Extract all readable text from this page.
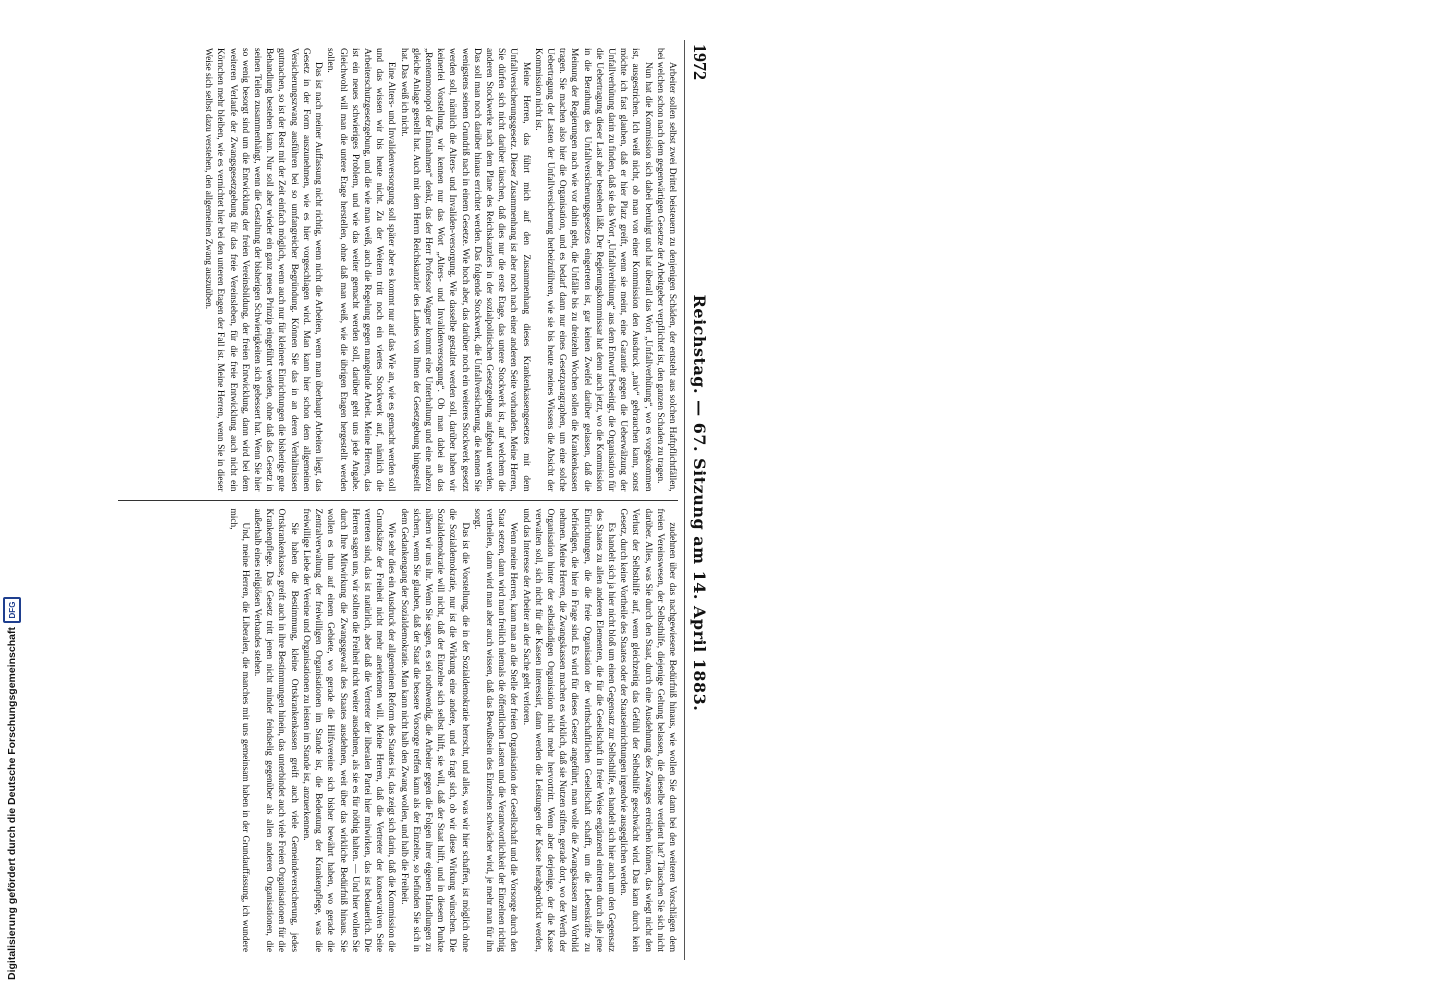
1972
Reichstag. — 67. Sitzung am 14. April 1883.

Arbeiter sollen selbst zwei Drittel beisteuern zu denjenigen Schäden, der entsteht aus solchen Haftpflichtfällen, bei welchen schon nach dem gegenwärtigen Gesetze der Arbeitgeber verpflichtet ist, den ganzen Schaden zu tragen.

Nun hat die Kommission sich dabei beruhigt und hat überall das Wort „Unfallverhütung“, wo es vorgekommen ist, ausgestrichen. Ich weiß nicht, ob man von einer Kommission den Ausdruck „naiv“ gebrauchen kann, sonst möchte ich fast glauben, daß er hier Platz greift, wenn sie meint, eine Garantie gegen die Ueberwälzung der Unfallverhütung darin zu finden, daß sie das Wort „Unfallverhütung“ aus dem Entwurf beseitigt, die Organisation für die Uebertragung dieser Last aber bestehen läßt. Der Regierungskommissar hat denn auch jetzt, wo die Kommission in die Berathung des Unfallversicherungsgesetzes eingetreten ist, gar keinen Zweifel darüber gelassen, daß die Meinung der Regierungen nach wie vor dahin geht, die Unfälle bis zu dreizehn Wochen sollen die Krankenkassen tragen. Sie machen also hier die Organisation, und es bedarf dann nur eines Gesetzparagraphen, um eine solche Uebertragung der Lasten der Unfallversicherung herbeizuführen, wie sie bis heute meines Wissens die Absicht der Kommission nicht ist.

Meine Herren, das führt mich auf den Zusammenhang dieses Krankenkassengesetzes mit dem Unfallversicherungsgesetz. Dieser Zusammenhang ist aber noch nach einer anderen Seite vorhanden. Meine Herren, Sie dürfen sich nicht darüber täuschen, daß dies nur die erste Etage, das untere Stockwerk ist, auf welchem die anderen Stockwerke nach dem Plane des Reichskanzlers in der sozialpolitischen Gesetzgebung aufgebaut werden. Das soll man noch darüber hinaus errichtet werden. Das folgende Stockwerk, die Unfallversicherung, die kennen Sie wenigstens seinem Grundriß nach in einem Gesetze. Wie hoch aber, das darüber noch ein weiteres Stockwerk gesetzt werden soll, nämlich die Alters- und Invaliden-versorgung. Wie dasselbe gestaltet werden soll, darüber haben wir keinerlei Vorstellung, wir kennen nur das Wort „Alters- und Invalidenversorgung“. Ob man dabei an das „Rentenmonopol der Einnahmen“ denkt, das der Herr Professor Wagner kommt eine Unterhaltung und eine nahezu gleiche Anlage gestellt hat. Auch mit dem Herrn Reichskanzler des Landes von Ihnen der Gesetzgebung hingestellt hat. Das weiß ich nicht.

Eine Alters- und Invalidenversorgung soll später aber es kommt nur auf das Wie an, wie es gemacht werden soll und das wissen wir bis heute nicht. Zu der Weitern tritt noch ein viertes Stockwerk auf, nämlich die Arbeiterschutzgesetzgebung, und die wie man weiß, auch die Regelung gegen mangelnde Arbeit. Meine Herren, das ist ein neues schwieriges Problem, und wie das weiter gemacht werden soll, darüber geht uns jede Angabe. Gleichwohl will man die untere Etage herstellen, ohne daß man weiß, wie die übrigen Etagen hergestellt werden sollen.

Das ist nach meiner Auffassung nicht richtig, wenn nicht die Arbeiten, wenn man überhaupt Arbeiten liegt, das Gesetz in der Form auszunehmen, wie es hier vorgeschlagen wird. Man kann hier schon dem allgemeinen Versicherungszwang ausführen bei so umfangreicher Begründung. Können Sie das in an deren Verhältnissen gutmachen, so ist der Rest mit der Zeit einfach möglich, wenn auch nur für kleinere Einrichtungen die bisherige gute Behandlung bestehen kann. Nur soll aber wieder ein ganz neues Prinzip eingeführt werden, ohne daß das Gesetz in seinen Teilen zusammenhängt, wenn die Gestaltung der bisherigen Schwierigkeiten sich gebessert hat. Wenn Sie hier so wenig besorgt sind um die Entwicklung der freien Vereinsbildung, der freien Entwicklung, dann wird bei dem weiteren Verlaufe der Zwangsgesetzgebung für das freie Vereinsleben, für die freie Entwicklung auch nicht ein Körnchen mehr bleiben, wie es vernichtet hier bei den unteren Etagen der Fall ist. Meine Herren, wenn Sie in dieser Weise sich selbst dazu verstehen, den allgemeinen Zwang auszuüben.

zudehnen über das nachgewiesene Bedürfniß hinaus, wie wollen Sie dann bei den weiteren Vorschlägen dem freien Vereinswesen, der Selbsthilfe, diejenige Geltung belassen, die dieselbe verdient hat? Täuschen Sie sich nicht darüber. Alles, was Sie durch den Staat, durch eine Ausdehnung des Zwanges erreichen können, das wiegt nicht den Verlust der Selbsthilfe auf, wenn gleichzeitig das Gefühl der Selbsthilfe geschwächt wird. Das kann durch kein Gesetz, durch keine Vortheile des Staates oder der Staatseinrichtungen irgendwie ausgeglichen werden.

Es handelt sich ja hier nicht bloß um einen Gegensatz zur Selbsthilfe, es handelt sich hier auch um den Gegensatz des Staates zu allen anderen Elementen, die für die Gesellschaft in freier Weise ergänzend eintreten durch alle jene Einrichtungen, die die freie Organisation der wirthschaftlichen Gesellschaft schafft, um die Lebenskräfte zu befriedigen, die hier in Frage sind. Es wird für dieses Gesetz angeführt, man wolle die Zwangskassen zum Vorbild nehmen. Meine Herren, die Zwangskassen machen es wirklich, daß sie Nutzen stiften, gerade dort, wo der Werth der Organisation hinter der selbständigen Organisation nicht mehr hervortritt. Wenn aber derjenige, der die Kasse verwalten soll, sich nicht für die Kassen interessirt, dann werden die Leistungen der Kasse herabgedrückt werden, und das Interesse der Arbeiter an der Sache geht verloren.

Wenn meine Herren, kann man an die Stelle der freien Organisation der Gesellschaft und die Vorsorge durch den Staat setzen, dann wird man freilich niemals die öffentlichen Lasten und die Verantwortlichkeit der Einzelnen richtig vertheilen, dann wird man aber auch wissen, daß das Bewußtsein des Einzelnen schwächer wird, je mehr man für ihn sorgt.

Das ist die Vorstellung, die in der Sozialdemokratie herrscht, und alles, was wir hier schaffen, ist möglich ohne die Sozialdemokratie, nur ist die Wirkung eine andere, und es fragt sich, ob wir diese Wirkung wünschen. Die Sozialdemokratie will nicht, daß der Einzelne sich selbst hilft, sie will, daß der Staat hilft, und in diesem Punkte nähern wir uns ihr. Wenn Sie sagen, es sei nothwendig, die Arbeiter gegen die Folgen ihrer eigenen Handlungen zu sichern, wenn Sie glauben, daß der Staat die bessere Vorsorge treffen kann als der Einzelne, so befinden Sie sich in dem Gedankengang der Sozialdemokratie. Man kann nicht halb den Zwang wollen, und halb die Freiheit.

Wie sehr dies ein Ausdruck der allgemeinen Reform des Staates ist, das zeigt sich darin, daß die Kommission die Grundsätze der Freiheit nicht mehr anerkennen will. Meine Herren, daß die Vertreter der konservativen Seite vertreten sind, das ist natürlich, aber daß die Vertreter der liberalen Partei hier mitwirken, das ist bedauerlich. Die Herren sagen uns, wir sollten die Freiheit nicht weiter ausdehnen, als sie es für nöthig halten. — Und hier wollen Sie durch Ihre Mitwirkung die Zwangsgewalt des Staates ausdehnen, weit über das wirkliche Bedürfniß hinaus. Sie wollen es thun auf einem Gebiete, wo gerade die Hilfsvereine sich bisher bewährt haben, wo gerade die Zentralverwaltung der freiwilligen Organisationen im Stande ist, die Bedeutung der Krankenpflege, was die freiwillige Liebe der Vereine und Organisationen zu leisten im Stande ist, anzuerkennen.

Sie haben die Bestimmung, kleine Ortskrankenkassen greift auch viele Gemeindeversicherung, jedes Ortskrankenkasse, greift auch in ihre Bestimmungen hinein, das unterbindet auch viele Freien Organisationen für die Krankenpflege. Das Gesetz tritt jenen nicht minder feindselig gegenüber als allen anderen Organisationen, die außerhalb eines religiösen Verbandes stehen.

Und, meine Herren, die Liberalen, die manches mit uns gemeinsam haben in der Grundauffassung, ich wundere mich,

Digitalisierung gefördert durch die Deutsche Forschungsgemeinschaft
DFG
